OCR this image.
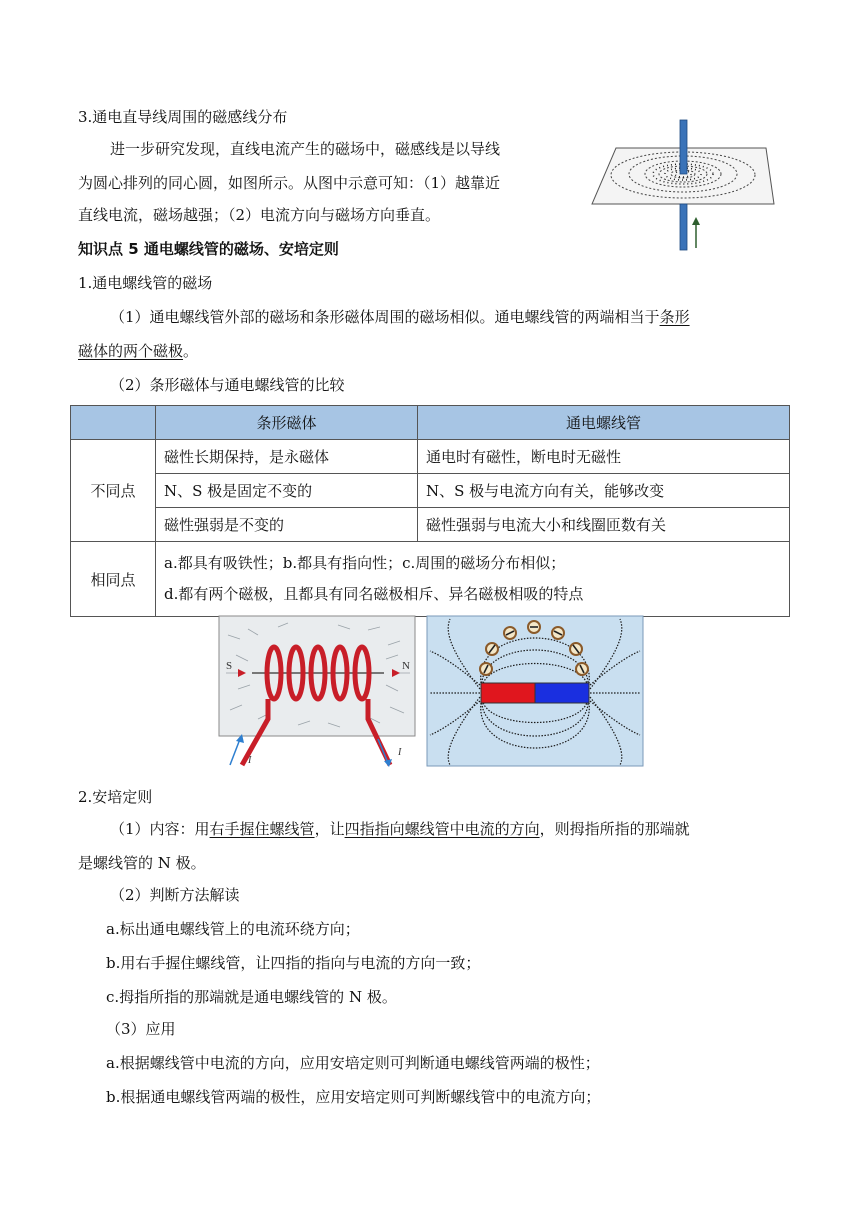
3.通电直导线周围的磁感线分布
进一步研究发现，直线电流产生的磁场中，磁感线是以导线
为圆心排列的同心圆，如图所示。从图中示意可知：（1）越靠近
直线电流，磁场越强；（2）电流方向与磁场方向垂直。
知识点 5 通电螺线管的磁场、安培定则
1.通电螺线管的磁场
（1）通电螺线管外部的磁场和条形磁体周围的磁场相似。通电螺线管的两端相当于条形
磁体的两个磁极。
（2）条形磁体与通电螺线管的比较
	条形磁体	通电螺线管
不同点	磁性长期保持，是永磁体	通电时有磁性，断电时无磁性
	N、S 极是固定不变的	N、S 极与电流方向有关，能够改变
	磁性强弱是不变的	磁性强弱与电流大小和线圈匝数有关
相同点	a.都具有吸铁性；b.都具有指向性；c.周围的磁场分布相似；
d.都有两个磁极，且都具有同名磁极相斥、异名磁极相吸的特点	
S	N
I
I
2.安培定则
（1）内容：用右手握住螺线管，让四指指向螺线管中电流的方向，则拇指所指的那端就
是螺线管的 N 极。
（2）判断方法解读
a.标出通电螺线管上的电流环绕方向；
b.用右手握住螺线管，让四指的指向与电流的方向一致；
c.拇指所指的那端就是通电螺线管的 N 极。
（3）应用
a.根据螺线管中电流的方向，应用安培定则可判断通电螺线管两端的极性；
b.根据通电螺线管两端的极性，应用安培定则可判断螺线管中的电流方向；
